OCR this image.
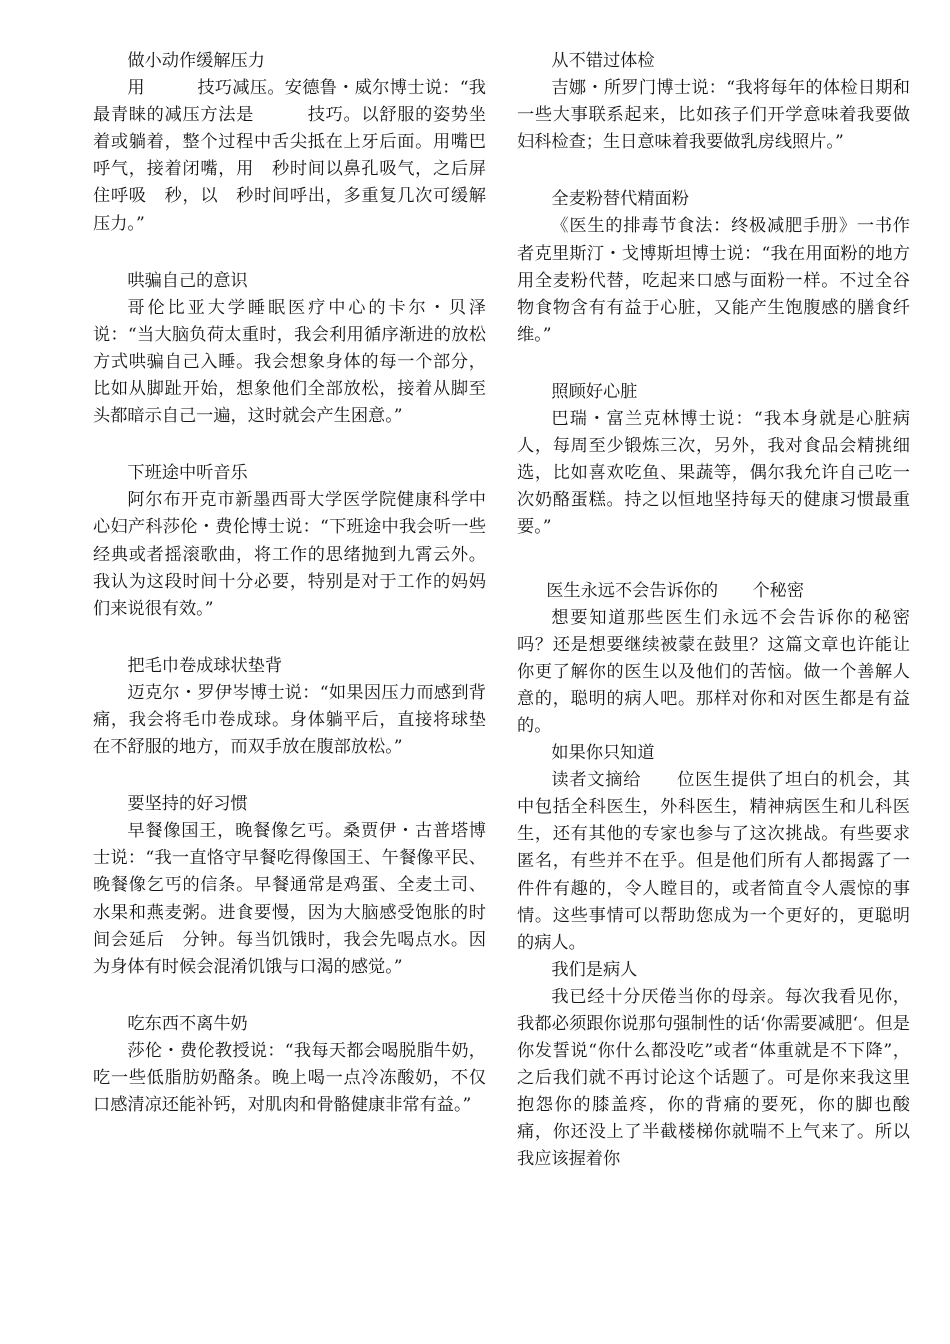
做小动作缓解压力

用　　　技巧减压。安德鲁・威尔博士说：“我最青睐的减压方法是　　　技巧。以舒服的姿势坐着或躺着，整个过程中舌尖抵在上牙后面。用嘴巴呼气，接着闭嘴，用　秒时间以鼻孔吸气，之后屏住呼吸　秒，以　秒时间呼出，多重复几次可缓解压力。”

哄骗自己的意识

哥伦比亚大学睡眠医疗中心的卡尔・贝泽说：“当大脑负荷太重时，我会利用循序渐进的放松方式哄骗自己入睡。我会想象身体的每一个部分，比如从脚趾开始，想象他们全部放松，接着从脚至头都暗示自己一遍，这时就会产生困意。”

下班途中听音乐

阿尔布开克市新墨西哥大学医学院健康科学中心妇产科莎伦・费伦博士说：“下班途中我会听一些经典或者摇滚歌曲，将工作的思绪抛到九霄云外。我认为这段时间十分必要，特别是对于工作的妈妈们来说很有效。”

把毛巾卷成球状垫背

迈克尔・罗伊岑博士说：“如果因压力而感到背痛，我会将毛巾卷成球。身体躺平后，直接将球垫在不舒服的地方，而双手放在腹部放松。”

要坚持的好习惯

早餐像国王，晚餐像乞丐。桑贾伊・古普塔博士说：“我一直恪守早餐吃得像国王、午餐像平民、晚餐像乞丐的信条。早餐通常是鸡蛋、全麦土司、水果和燕麦粥。进食要慢，因为大脑感受饱胀的时间会延后　分钟。每当饥饿时，我会先喝点水。因为身体有时候会混淆饥饿与口渴的感觉。”

吃东西不离牛奶

莎伦・费伦教授说：“我每天都会喝脱脂牛奶，吃一些低脂肪奶酪条。晚上喝一点冷冻酸奶，不仅口感清凉还能补钙，对肌肉和骨骼健康非常有益。”

从不错过体检

吉娜・所罗门博士说：“我将每年的体检日期和一些大事联系起来，比如孩子们开学意味着我要做妇科检查；生日意味着我要做乳房线照片。”

全麦粉替代精面粉

《医生的排毒节食法：终极减肥手册》一书作者克里斯汀・戈博斯坦博士说：“我在用面粉的地方用全麦粉代替，吃起来口感与面粉一样。不过全谷物食物含有有益于心脏，又能产生饱腹感的膳食纤维。”

照顾好心脏

巴瑞・富兰克林博士说：“我本身就是心脏病人，每周至少锻炼三次，另外，我对食品会精挑细选，比如喜欢吃鱼、果蔬等，偶尔我允许自己吃一次奶酪蛋糕。持之以恒地坚持每天的健康习惯最重要。”

医生永远不会告诉你的　　个秘密

想要知道那些医生们永远不会告诉你的秘密吗？还是想要继续被蒙在鼓里？这篇文章也许能让你更了解你的医生以及他们的苦恼。做一个善解人意的，聪明的病人吧。那样对你和对医生都是有益的。

如果你只知道

读者文摘给　　位医生提供了坦白的机会，其中包括全科医生，外科医生，精神病医生和儿科医生，还有其他的专家也参与了这次挑战。有些要求匿名，有些并不在乎。但是他们所有人都揭露了一件件有趣的，令人瞠目的，或者简直令人震惊的事情。这些事情可以帮助您成为一个更好的，更聪明的病人。

我们是病人

我已经十分厌倦当你的母亲。每次我看见你，我都必须跟你说那句强制性的话‘你需要减肥‘。但是你发誓说“你什么都没吃”或者“体重就是不下降”，之后我们就不再讨论这个话题了。可是你来我这里抱怨你的膝盖疼，你的背痛的要死，你的脚也酸痛，你还没上了半截楼梯你就喘不上气来了。所以我应该握着你
